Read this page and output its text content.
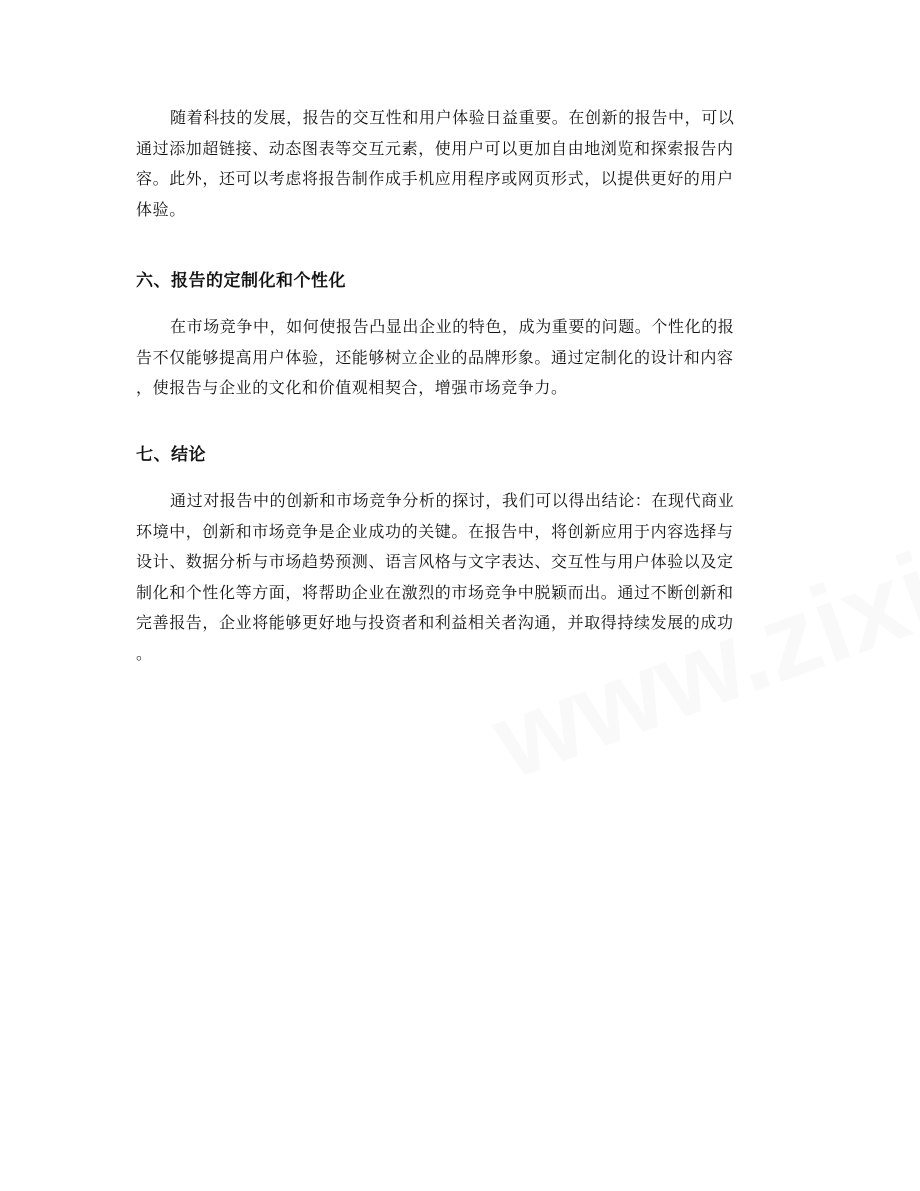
随着科技的发展，报告的交互性和用户体验日益重要。在创新的报告中，可以
通过添加超链接、动态图表等交互元素，使用户可以更加自由地浏览和探索报告内
容。此外，还可以考虑将报告制作成手机应用程序或网页形式，以提供更好的用户
体验。

六、报告的定制化和个性化

在市场竞争中，如何使报告凸显出企业的特色，成为重要的问题。个性化的报
告不仅能够提高用户体验，还能够树立企业的品牌形象。通过定制化的设计和内容
，使报告与企业的文化和价值观相契合，增强市场竞争力。

七、结论

通过对报告中的创新和市场竞争分析的探讨，我们可以得出结论：在现代商业
环境中，创新和市场竞争是企业成功的关键。在报告中，将创新应用于内容选择与
设计、数据分析与市场趋势预测、语言风格与文字表达、交互性与用户体验以及定
制化和个性化等方面，将帮助企业在激烈的市场竞争中脱颖而出。通过不断创新和
完善报告，企业将能够更好地与投资者和利益相关者沟通，并取得持续发展的成功
。
